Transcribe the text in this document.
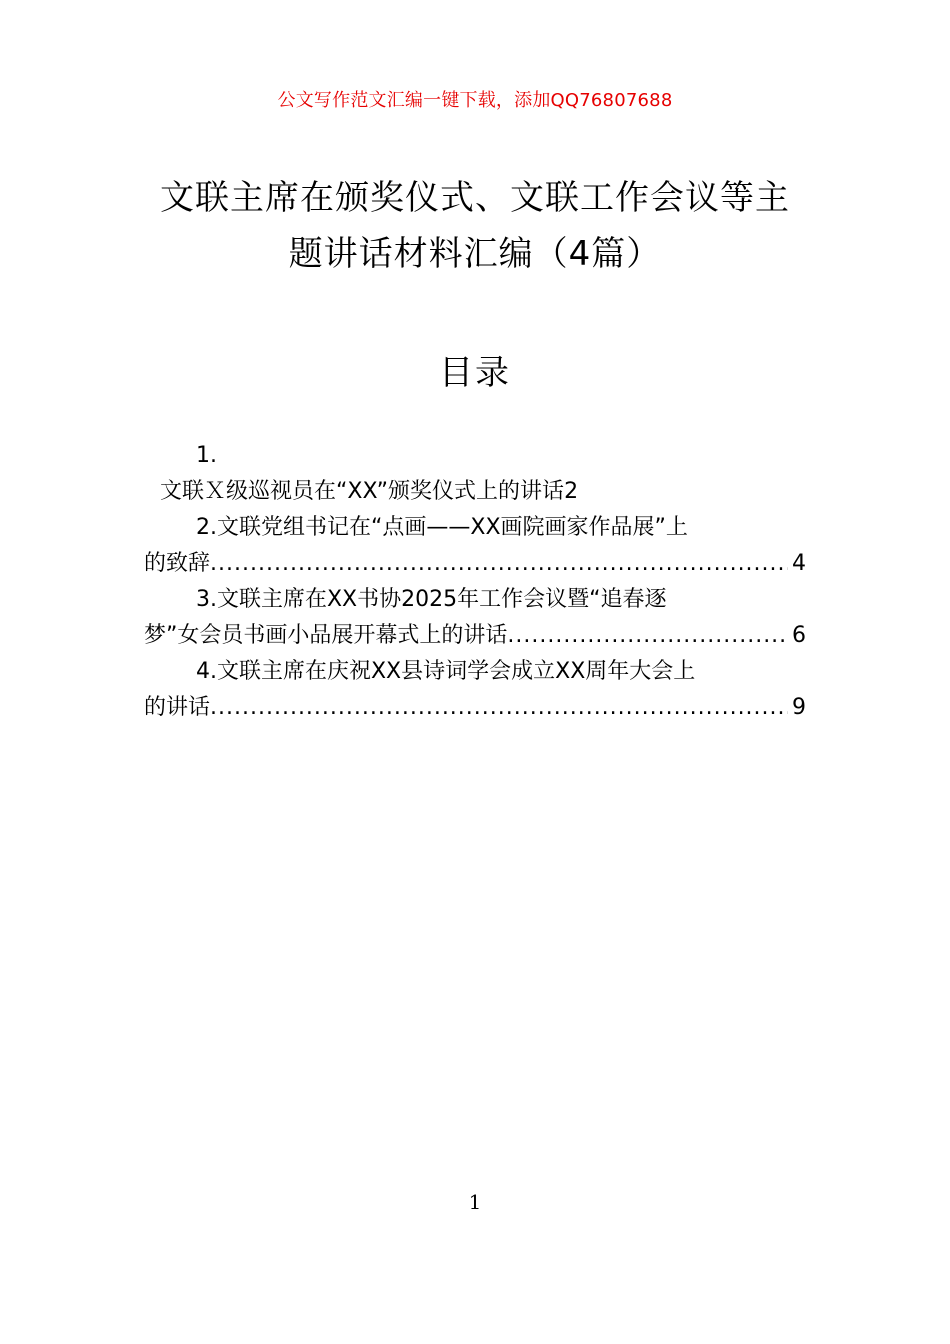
公文写作范文汇编一键下载，添加QQ76807688
文联主席在颁奖仪式、文联工作会议等主
题讲话材料汇编（4篇）
目录
1.
文联Ｘ级巡视员在“XX”颁奖仪式上的讲话 2
2.文联党组书记在“点画——XX画院画家作品展”上
的致辞 .....	4
3.文联主席在XX书协2025年工作会议暨“追春逐
梦”女会员书画小品展开幕式上的讲话 .....	6
4.文联主席在庆祝XX县诗词学会成立XX周年大会上
的讲话 .....	9
1
